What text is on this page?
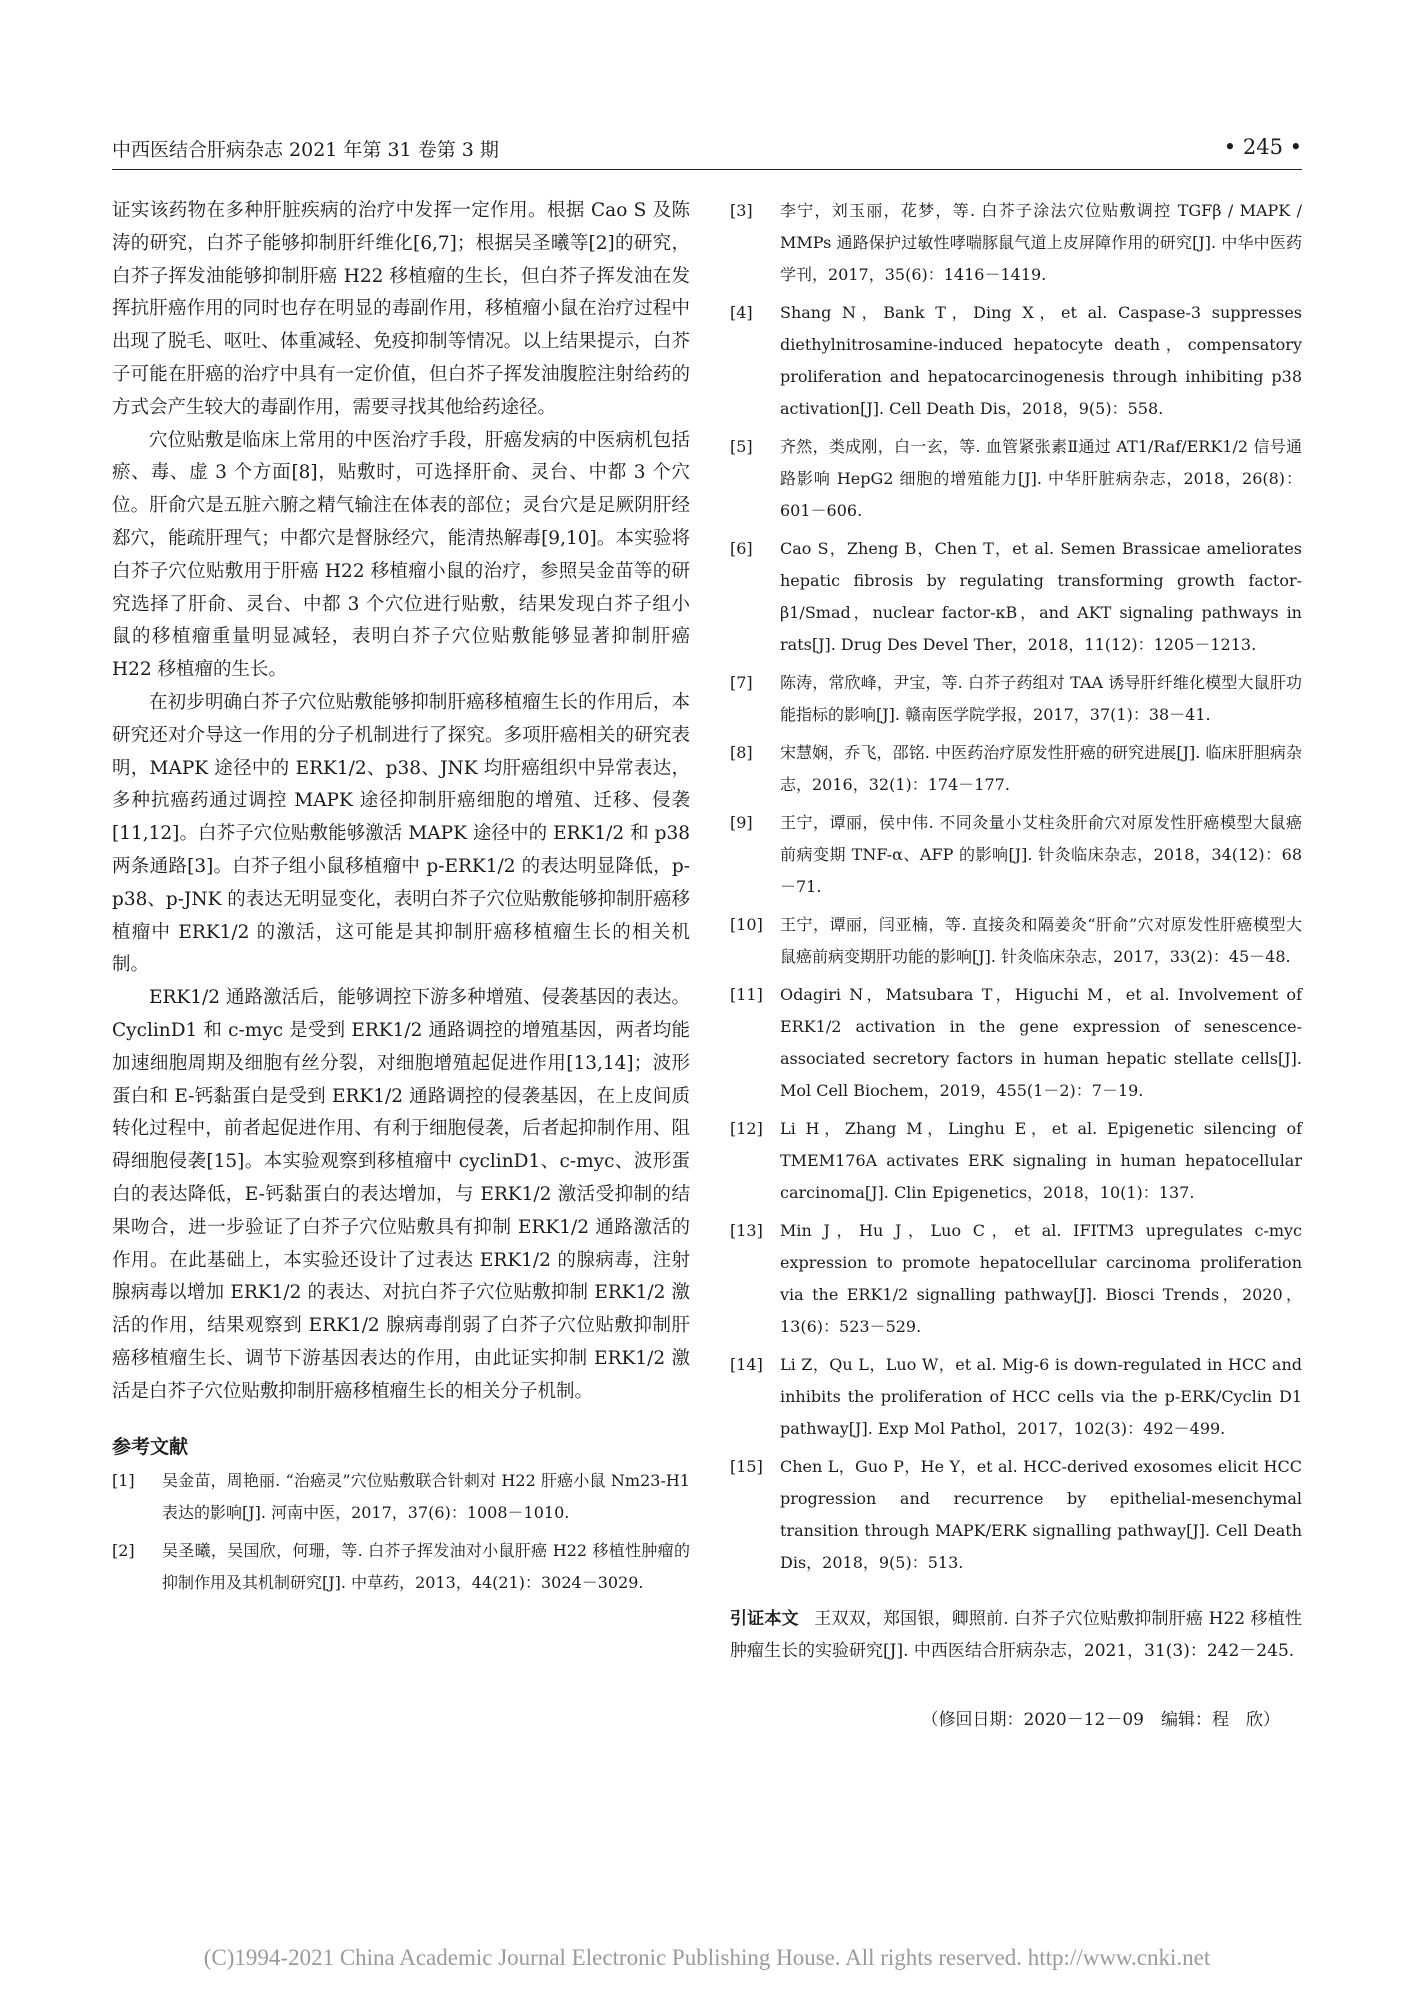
中西医结合肝病杂志 2021 年第 31 卷第 3 期	• 245 •

证实该药物在多种肝脏疾病的治疗中发挥一定作用。根据 Cao S 及陈涛的研究，白芥子能够抑制肝纤维化[6,7]；根据吴圣曦等[2]的研究，白芥子挥发油能够抑制肝癌 H22 移植瘤的生长，但白芥子挥发油在发挥抗肝癌作用的同时也存在明显的毒副作用，移植瘤小鼠在治疗过程中出现了脱毛、呕吐、体重减轻、免疫抑制等情况。以上结果提示，白芥子可能在肝癌的治疗中具有一定价值，但白芥子挥发油腹腔注射给药的方式会产生较大的毒副作用，需要寻找其他给药途径。

穴位贴敷是临床上常用的中医治疗手段，肝癌发病的中医病机包括瘀、毒、虚 3 个方面[8]，贴敷时，可选择肝俞、灵台、中都 3 个穴位。肝俞穴是五脏六腑之精气输注在体表的部位；灵台穴是足厥阴肝经郄穴，能疏肝理气；中都穴是督脉经穴，能清热解毒[9,10]。本实验将白芥子穴位贴敷用于肝癌 H22 移植瘤小鼠的治疗，参照吴金苗等的研究选择了肝俞、灵台、中都 3 个穴位进行贴敷，结果发现白芥子组小鼠的移植瘤重量明显减轻，表明白芥子穴位贴敷能够显著抑制肝癌 H22 移植瘤的生长。

在初步明确白芥子穴位贴敷能够抑制肝癌移植瘤生长的作用后，本研究还对介导这一作用的分子机制进行了探究。多项肝癌相关的研究表明，MAPK 途径中的 ERK1/2、p38、JNK 均肝癌组织中异常表达，多种抗癌药通过调控 MAPK 途径抑制肝癌细胞的增殖、迁移、侵袭[11,12]。白芥子穴位贴敷能够激活 MAPK 途径中的 ERK1/2 和 p38 两条通路[3]。白芥子组小鼠移植瘤中 p-ERK1/2 的表达明显降低，p-p38、p-JNK 的表达无明显变化，表明白芥子穴位贴敷能够抑制肝癌移植瘤中 ERK1/2 的激活，这可能是其抑制肝癌移植瘤生长的相关机制。

ERK1/2 通路激活后，能够调控下游多种增殖、侵袭基因的表达。CyclinD1 和 c-myc 是受到 ERK1/2 通路调控的增殖基因，两者均能加速细胞周期及细胞有丝分裂，对细胞增殖起促进作用[13,14]；波形蛋白和 E-钙黏蛋白是受到 ERK1/2 通路调控的侵袭基因，在上皮间质转化过程中，前者起促进作用、有利于细胞侵袭，后者起抑制作用、阻碍细胞侵袭[15]。本实验观察到移植瘤中 cyclinD1、c-myc、波形蛋白的表达降低，E-钙黏蛋白的表达增加，与 ERK1/2 激活受抑制的结果吻合，进一步验证了白芥子穴位贴敷具有抑制 ERK1/2 通路激活的作用。在此基础上，本实验还设计了过表达 ERK1/2 的腺病毒，注射腺病毒以增加 ERK1/2 的表达、对抗白芥子穴位贴敷抑制 ERK1/2 激活的作用，结果观察到 ERK1/2 腺病毒削弱了白芥子穴位贴敷抑制肝癌移植瘤生长、调节下游基因表达的作用，由此证实抑制 ERK1/2 激活是白芥子穴位贴敷抑制肝癌移植瘤生长的相关分子机制。

参考文献
[1] 吴金苗，周艳丽. “治癌灵”穴位贴敷联合针刺对 H22 肝癌小鼠 Nm23-H1 表达的影响[J]. 河南中医，2017，37(6)：1008－1010.
[2] 吴圣曦，吴国欣，何珊，等. 白芥子挥发油对小鼠肝癌 H22 移植性肿瘤的抑制作用及其机制研究[J]. 中草药，2013，44(21)：3024－3029.
[3] 李宁，刘玉丽，花梦，等. 白芥子涂法穴位贴敷调控 TGFβ / MAPK / MMPs 通路保护过敏性哮喘豚鼠气道上皮屏障作用的研究[J]. 中华中医药学刊，2017，35(6)：1416－1419.
[4] Shang N，Bank T，Ding X，et al. Caspase-3 suppresses diethylnitrosamine-induced hepatocyte death，compensatory proliferation and hepatocarcinogenesis through inhibiting p38 activation[J]. Cell Death Dis，2018，9(5)：558.
[5] 齐然，类成刚，白一玄，等. 血管紧张素Ⅱ通过 AT1/Raf/ERK1/2 信号通路影响 HepG2 细胞的增殖能力[J]. 中华肝脏病杂志，2018，26(8)：601－606.
[6] Cao S，Zheng B，Chen T，et al. Semen Brassicae ameliorates hepatic fibrosis by regulating transforming growth factor-β1/Smad，nuclear factor-κB，and AKT signaling pathways in rats[J]. Drug Des Devel Ther，2018，11(12)：1205－1213.
[7] 陈涛，常欣峰，尹宝，等. 白芥子药组对 TAA 诱导肝纤维化模型大鼠肝功能指标的影响[J]. 赣南医学院学报，2017，37(1)：38－41.
[8] 宋慧娴，乔飞，邵铭. 中医药治疗原发性肝癌的研究进展[J]. 临床肝胆病杂志，2016，32(1)：174－177.
[9] 王宁，谭丽，侯中伟. 不同灸量小艾柱灸肝俞穴对原发性肝癌模型大鼠癌前病变期 TNF-α、AFP 的影响[J]. 针灸临床杂志，2018，34(12)：68－71.
[10] 王宁，谭丽，闫亚楠，等. 直接灸和隔姜灸“肝俞”穴对原发性肝癌模型大鼠癌前病变期肝功能的影响[J]. 针灸临床杂志，2017，33(2)：45－48.
[11] Odagiri N，Matsubara T，Higuchi M，et al. Involvement of ERK1/2 activation in the gene expression of senescence-associated secretory factors in human hepatic stellate cells[J]. Mol Cell Biochem，2019，455(1－2)：7－19.
[12] Li H，Zhang M，Linghu E，et al. Epigenetic silencing of TMEM176A activates ERK signaling in human hepatocellular carcinoma[J]. Clin Epigenetics，2018，10(1)：137.
[13] Min J，Hu J，Luo C，et al. IFITM3 upregulates c-myc expression to promote hepatocellular carcinoma proliferation via the ERK1/2 signalling pathway[J]. Biosci Trends，2020，13(6)：523－529.
[14] Li Z，Qu L，Luo W，et al. Mig-6 is down-regulated in HCC and inhibits the proliferation of HCC cells via the p-ERK/Cyclin D1 pathway[J]. Exp Mol Pathol，2017，102(3)：492－499.
[15] Chen L，Guo P，He Y，et al. HCC-derived exosomes elicit HCC progression and recurrence by epithelial-mesenchymal transition through MAPK/ERK signalling pathway[J]. Cell Death Dis，2018，9(5)：513.
引证本文 王双双，郑国银，卿照前. 白芥子穴位贴敷抑制肝癌 H22 移植性肿瘤生长的实验研究[J]. 中西医结合肝病杂志，2021，31(3)：242－245.
（修回日期：2020－12－09　编辑：程　欣）
(C)1994-2021 China Academic Journal Electronic Publishing House. All rights reserved. http://www.cnki.net
